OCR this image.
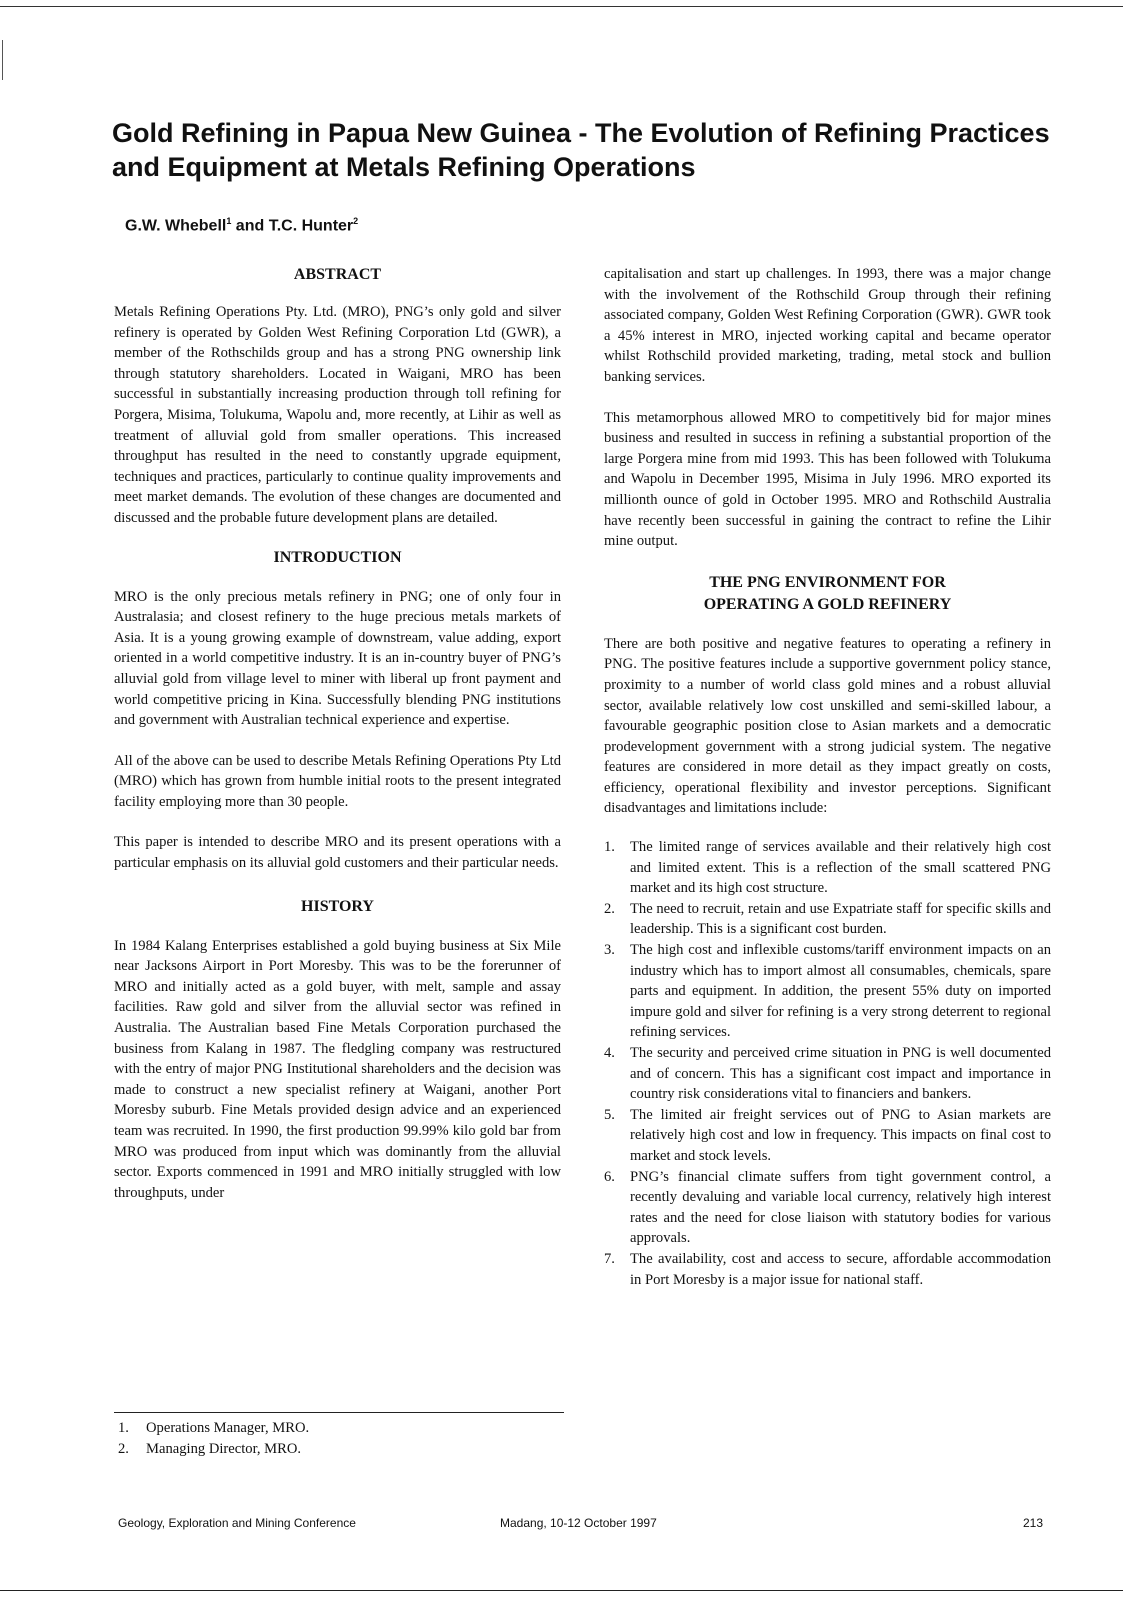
Gold Refining in Papua New Guinea - The Evolution of Refining Practices and Equipment at Metals Refining Operations
G.W. Whebell$^1$ and T.C. Hunter$^2$
ABSTRACT

Metals Refining Operations Pty. Ltd. (MRO), PNG’s only gold and silver refinery is operated by Golden West Refining Corporation Ltd (GWR), a member of the Rothschilds group and has a strong PNG ownership link through statutory shareholders. Located in Waigani, MRO has been successful in substantially increasing production through toll refining for Porgera, Misima, Tolukuma, Wapolu and, more recently, at Lihir as well as treatment of alluvial gold from smaller operations. This increased throughput has resulted in the need to constantly upgrade equipment, techniques and practices, particularly to continue quality improvements and meet market demands. The evolution of these changes are documented and discussed and the probable future development plans are detailed.

INTRODUCTION

MRO is the only precious metals refinery in PNG; one of only four in Australasia; and closest refinery to the huge precious metals markets of Asia. It is a young growing example of downstream, value adding, export oriented in a world competitive industry. It is an in-country buyer of PNG’s alluvial gold from village level to miner with liberal up front payment and world competitive pricing in Kina. Successfully blending PNG institutions and government with Australian technical experience and expertise.

All of the above can be used to describe Metals Refining Operations Pty Ltd (MRO) which has grown from humble initial roots to the present integrated facility employing more than 30 people.

This paper is intended to describe MRO and its present operations with a particular emphasis on its alluvial gold customers and their particular needs.

HISTORY

In 1984 Kalang Enterprises established a gold buying business at Six Mile near Jacksons Airport in Port Moresby. This was to be the forerunner of MRO and initially acted as a gold buyer, with melt, sample and assay facilities. Raw gold and silver from the alluvial sector was refined in Australia. The Australian based Fine Metals Corporation purchased the business from Kalang in 1987. The fledgling company was restructured with the entry of major PNG Institutional shareholders and the decision was made to construct a new specialist refinery at Waigani, another Port Moresby suburb. Fine Metals provided design advice and an experienced team was recruited. In 1990, the first production 99.99% kilo gold bar from MRO was produced from input which was dominantly from the alluvial sector. Exports commenced in 1991 and MRO initially struggled with low throughputs, under

capitalisation and start up challenges. In 1993, there was a major change with the involvement of the Rothschild Group through their refining associated company, Golden West Refining Corporation (GWR). GWR took a 45% interest in MRO, injected working capital and became operator whilst Rothschild provided marketing, trading, metal stock and bullion banking services.

This metamorphous allowed MRO to competitively bid for major mines business and resulted in success in refining a substantial proportion of the large Porgera mine from mid 1993. This has been followed with Tolukuma and Wapolu in December 1995, Misima in July 1996. MRO exported its millionth ounce of gold in October 1995. MRO and Rothschild Australia have recently been successful in gaining the contract to refine the Lihir mine output.

THE PNG ENVIRONMENT FOR
OPERATING A GOLD REFINERY

There are both positive and negative features to operating a refinery in PNG. The positive features include a supportive government policy stance, proximity to a number of world class gold mines and a robust alluvial sector, available relatively low cost unskilled and semi-skilled labour, a favourable geographic position close to Asian markets and a democratic prodevelopment government with a strong judicial system. The negative features are considered in more detail as they impact greatly on costs, efficiency, operational flexibility and investor perceptions. Significant disadvantages and limitations include:

1.	The limited range of services available and their relatively high cost and limited extent. This is a reflection of the small scattered PNG market and its high cost structure.
2.	The need to recruit, retain and use Expatriate staff for specific skills and leadership. This is a significant cost burden.
3.	The high cost and inflexible customs/tariff environment impacts on an industry which has to import almost all consumables, chemicals, spare parts and equipment. In addition, the present 55% duty on imported impure gold and silver for refining is a very strong deterrent to regional refining services.
4.	The security and perceived crime situation in PNG is well documented and of concern. This has a significant cost impact and importance in country risk considerations vital to financiers and bankers.
5.	The limited air freight services out of PNG to Asian markets are relatively high cost and low in frequency. This impacts on final cost to market and stock levels.
6.	PNG’s financial climate suffers from tight government control, a recently devaluing and variable local currency, relatively high interest rates and the need for close liaison with statutory bodies for various approvals.
7.	The availability, cost and access to secure, affordable accommodation in Port Moresby is a major issue for national staff.
1.	Operations Manager, MRO.
2.	Managing Director, MRO.
Geology, Exploration and Mining Conference	Madang, 10-12 October 1997	213
